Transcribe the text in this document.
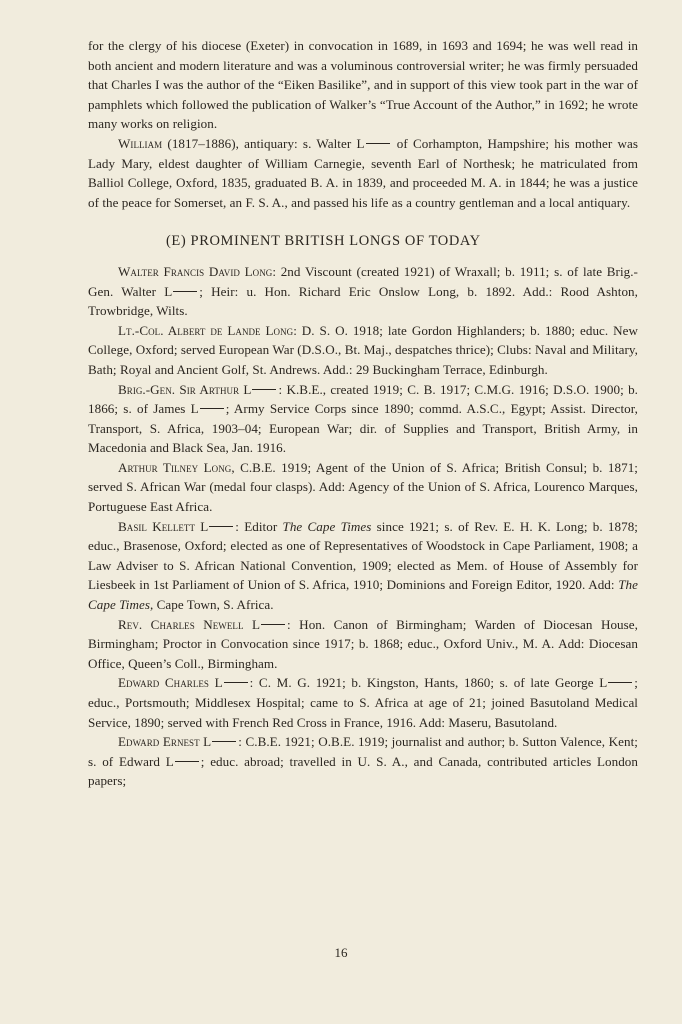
for the clergy of his diocese (Exeter) in convocation in 1689, in 1693 and 1694; he was well read in both ancient and modern literature and was a voluminous controversial writer; he was firmly persuaded that Charles I was the author of the “Eiken Basilike”, and in support of this view took part in the war of pamphlets which followed the publication of Walker’s “True Account of the Author,” in 1692; he wrote many works on religion.

William (1817–1886), antiquary: s. Walter L of Corhampton, Hampshire; his mother was Lady Mary, eldest daughter of William Carnegie, seventh Earl of Northesk; he matriculated from Balliol College, Oxford, 1835, graduated B. A. in 1839, and proceeded M. A. in 1844; he was a justice of the peace for Somerset, an F. S. A., and passed his life as a country gentleman and a local antiquary.

(E) PROMINENT BRITISH LONGS OF TODAY

Walter Francis David Long: 2nd Viscount (created 1921) of Wraxall; b. 1911; s. of late Brig.-Gen. Walter L ; Heir: u. Hon. Richard Eric Onslow Long, b. 1892. Add.: Rood Ashton, Trowbridge, Wilts.

Lt.-Col. Albert de Lande Long: D. S. O. 1918; late Gordon Highlanders; b. 1880; educ. New College, Oxford; served European War (D.S.O., Bt. Maj., despatches thrice); Clubs: Naval and Military, Bath; Royal and Ancient Golf, St. Andrews. Add.: 29 Buckingham Terrace, Edinburgh.

Brig.-Gen. Sir Arthur L : K.B.E., created 1919; C. B. 1917; C.M.G. 1916; D.S.O. 1900; b. 1866; s. of James L ; Army Service Corps since 1890; commd. A.S.C., Egypt; Assist. Director, Transport, S. Africa, 1903–04; European War; dir. of Supplies and Transport, British Army, in Macedonia and Black Sea, Jan. 1916.

Arthur Tilney Long, C.B.E. 1919; Agent of the Union of S. Africa; British Consul; b. 1871; served S. African War (medal four clasps). Add: Agency of the Union of S. Africa, Lourenco Marques, Portuguese East Africa.

Basil Kellett L : Editor The Cape Times since 1921; s. of Rev. E. H. K. Long; b. 1878; educ., Brasenose, Oxford; elected as one of Representatives of Woodstock in Cape Parliament, 1908; a Law Adviser to S. African National Convention, 1909; elected as Mem. of House of Assembly for Liesbeek in 1st Parliament of Union of S. Africa, 1910; Dominions and Foreign Editor, 1920. Add: The Cape Times, Cape Town, S. Africa.

Rev. Charles Newell L : Hon. Canon of Birmingham; Warden of Diocesan House, Birmingham; Proctor in Convocation since 1917; b. 1868; educ., Oxford Univ., M. A. Add: Diocesan Office, Queen’s Coll., Birmingham.

Edward Charles L : C. M. G. 1921; b. Kingston, Hants, 1860; s. of late George L ; educ., Portsmouth; Middlesex Hospital; came to S. Africa at age of 21; joined Basutoland Medical Service, 1890; served with French Red Cross in France, 1916. Add: Maseru, Basutoland.

Edward Ernest L : C.B.E. 1921; O.B.E. 1919; journalist and author; b. Sutton Valence, Kent; s. of Edward L ; educ. abroad; travelled in U. S. A., and Canada, contributed articles London papers;

16
